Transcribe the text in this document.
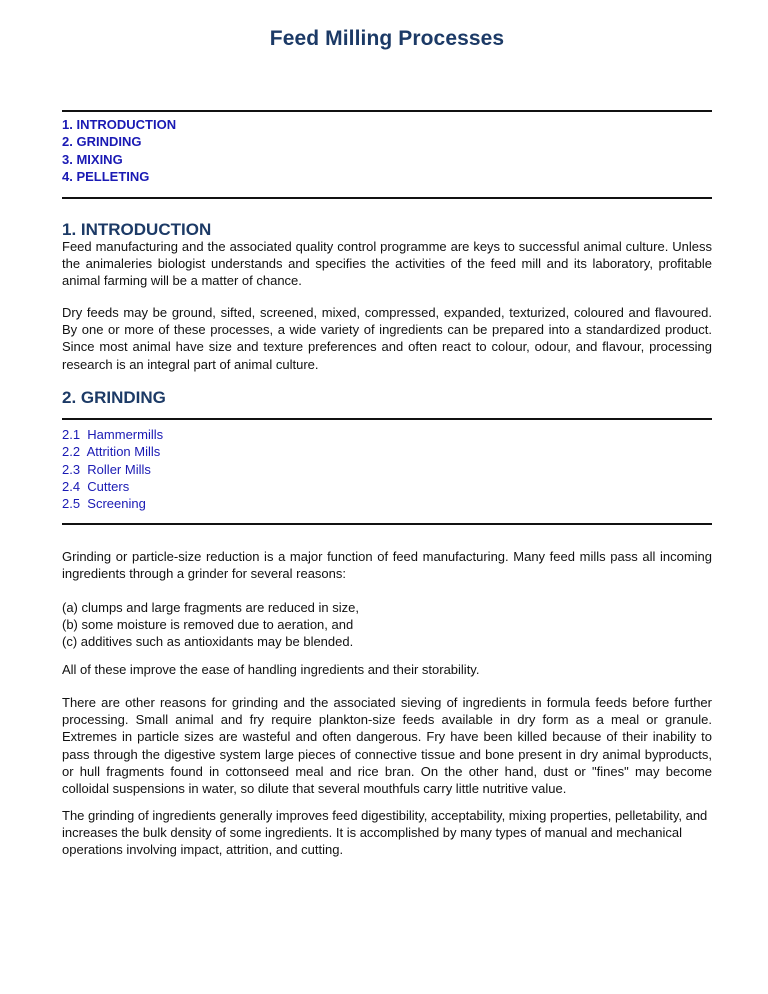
Feed Milling Processes
1. INTRODUCTION
2. GRINDING
3. MIXING
4. PELLETING
1. INTRODUCTION

Feed manufacturing and the associated quality control programme are keys to successful animal culture. Unless the animaleries biologist understands and specifies the activities of the feed mill and its laboratory, profitable animal farming will be a matter of chance.

Dry feeds may be ground, sifted, screened, mixed, compressed, expanded, texturized, coloured and flavoured. By one or more of these processes, a wide variety of ingredients can be prepared into a standardized product. Since most animal have size and texture preferences and often react to colour, odour, and flavour, processing research is an integral part of animal culture.

2. GRINDING
2.1  Hammermills
2.2  Attrition Mills
2.3  Roller Mills
2.4  Cutters
2.5  Screening

Grinding or particle-size reduction is a major function of feed manufacturing. Many feed mills pass all incoming ingredients through a grinder for several reasons:

(a) clumps and large fragments are reduced in size,
(b) some moisture is removed due to aeration, and
(c) additives such as antioxidants may be blended.

All of these improve the ease of handling ingredients and their storability.

There are other reasons for grinding and the associated sieving of ingredients in formula feeds before further processing. Small animal and fry require plankton-size feeds available in dry form as a meal or granule. Extremes in particle sizes are wasteful and often dangerous. Fry have been killed because of their inability to pass through the digestive system large pieces of connective tissue and bone present in dry animal byproducts, or hull fragments found in cottonseed meal and rice bran. On the other hand, dust or "fines" may become colloidal suspensions in water, so dilute that several mouthfuls carry little nutritive value.

The grinding of ingredients generally improves feed digestibility, acceptability, mixing properties, pelletability, and increases the bulk density of some ingredients. It is accomplished by many types of manual and mechanical operations involving impact, attrition, and cutting.
